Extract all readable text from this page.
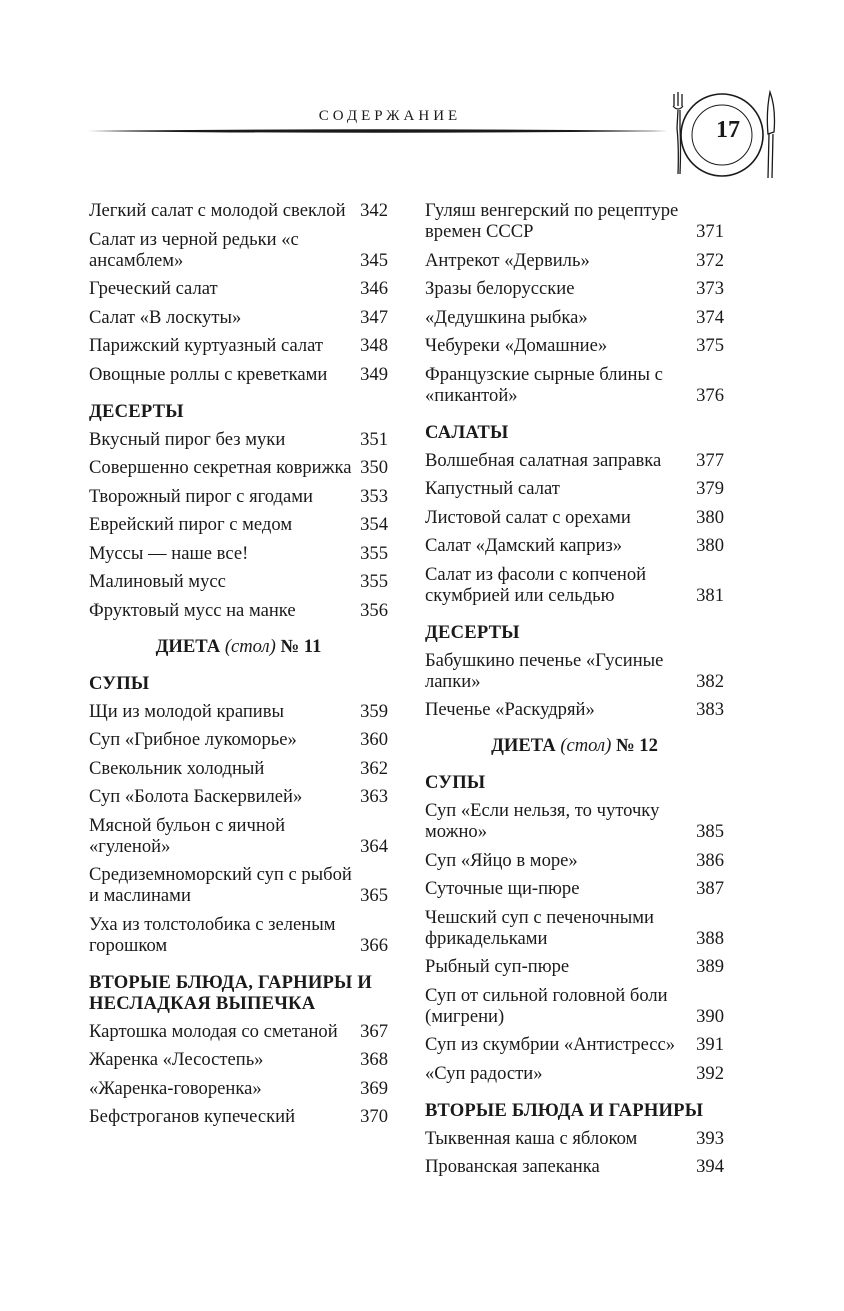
СОДЕРЖАНИЕ
17
Легкий салат с молодой свеклой 342
Салат из черной редьки «с ансамблем»	345
Греческий салат	346
Салат «В лоскуты»	347
Парижский куртуазный салат	348
Овощные роллы с креветками	349
ДЕСЕРТЫ
Вкусный пирог без муки	351
Совершенно секретная коврижка 350
Творожный пирог с ягодами	353
Еврейский пирог с медом	354
Муссы — наше все!	355
Малиновый мусс	355
Фруктовый мусс на манке	356
ДИЕТА (стол) № 11
СУПЫ
Щи из молодой крапивы	359
Суп «Грибное лукоморье»	360
Свекольник холодный	362
Суп «Болота Баскервилей»	363
Мясной бульон с яичной «гуленой»	364
Средиземноморский суп с рыбой и маслинами	365
Уха из толстолобика с зеленым горошком	366
ВТОРЫЕ БЛЮДА, ГАРНИРЫ И НЕСЛАДКАЯ ВЫПЕЧКА
Картошка молодая со сметаной	367
Жаренка «Лесостепь»	368
«Жаренка-говоренка»	369
Бефстроганов купеческий	370
Гуляш венгерский по рецептуре времен СССР	371
Антрекот «Дервиль»	372
Зразы белорусские	373
«Дедушкина рыбка»	374
Чебуреки «Домашние»	375
Французские сырные блины с «пикантой»	376
САЛАТЫ
Волшебная салатная заправка	377
Капустный салат	379
Листовой салат с орехами	380
Салат «Дамский каприз»	380
Салат из фасоли с копченой скумбрией или сельдью	381
ДЕСЕРТЫ
Бабушкино печенье «Гусиные лапки»	382
Печенье «Раскудряй»	383
ДИЕТА (стол) № 12
СУПЫ
Суп «Если нельзя, то чуточку можно»	385
Суп «Яйцо в море»	386
Суточные щи-пюре	387
Чешский суп с печеночными фрикадельками	388
Рыбный суп-пюре	389
Суп от сильной головной боли (мигрени)	390
Суп из скумбрии «Антистресс»	391
«Суп радости»	392
ВТОРЫЕ БЛЮДА И ГАРНИРЫ
Тыквенная каша с яблоком	393
Прованская запеканка	394
